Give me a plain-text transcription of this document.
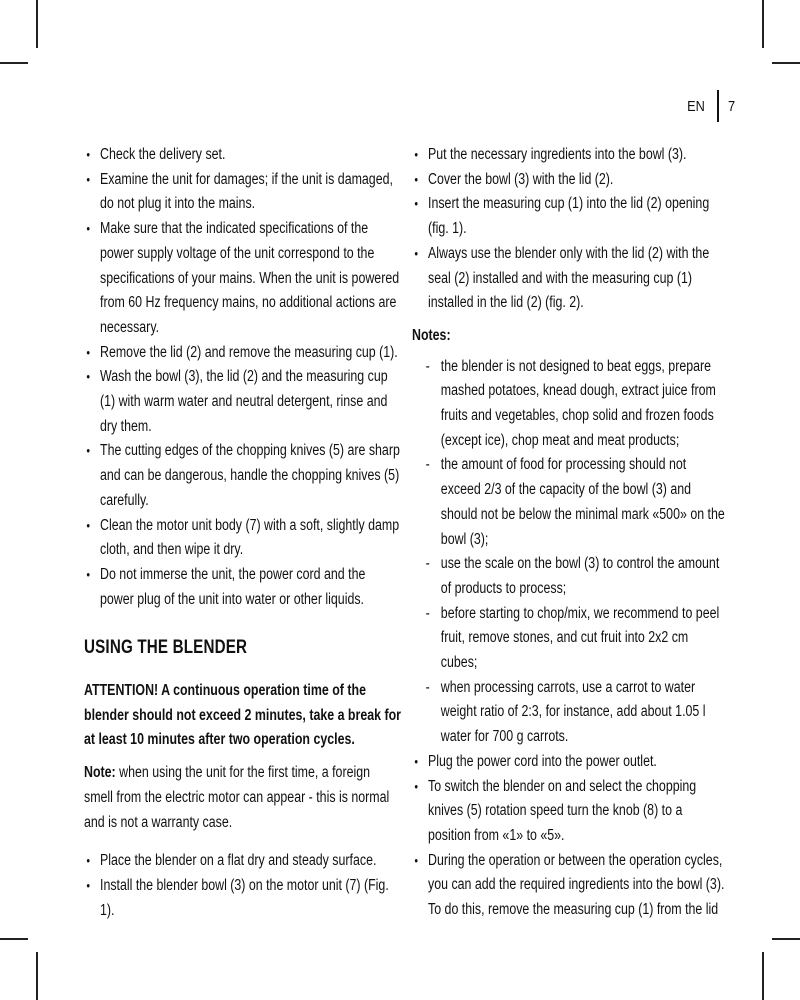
EN 7
• Check the delivery set.
• Examine the unit for damages; if the unit is damaged, do not plug it into the mains.
• Make sure that the indicated specifications of the power supply voltage of the unit correspond to the specifications of your mains. When the unit is powered from 60 Hz frequency mains, no additional actions are necessary.
• Remove the lid (2) and remove the measuring cup (1).
• Wash the bowl (3), the lid (2) and the measuring cup (1) with warm water and neutral detergent, rinse and dry them.
• The cutting edges of the chopping knives (5) are sharp and can be dangerous, handle the chopping knives (5) carefully.
• Clean the motor unit body (7) with a soft, slightly damp cloth, and then wipe it dry.
• Do not immerse the unit, the power cord and the power plug of the unit into water or other liquids.
USING THE BLENDER

ATTENTION! A continuous operation time of the blender should not exceed 2 minutes, take a break for at least 10 minutes after two operation cycles.

Note: when using the unit for the first time, a foreign smell from the electric motor can appear - this is normal and is not a warranty case.

• Place the blender on a flat dry and steady surface.
• Install the blender bowl (3) on the motor unit (7) (Fig. 1).
• Put the necessary ingredients into the bowl (3).
• Cover the bowl (3) with the lid (2).
• Insert the measuring cup (1) into the lid (2) opening (fig. 1).
• Always use the blender only with the lid (2) with the seal (2) installed and with the measuring cup (1) installed in the lid (2) (fig. 2).
Notes:
- the blender is not designed to beat eggs, prepare mashed potatoes, knead dough, extract juice from fruits and vegetables, chop solid and frozen foods (except ice), chop meat and meat products;
- the amount of food for processing should not exceed 2/3 of the capacity of the bowl (3) and should not be below the minimal mark «500» on the bowl (3);
- use the scale on the bowl (3) to control the amount of products to process;
- before starting to chop/mix, we recommend to peel fruit, remove stones, and cut fruit into 2x2 cm cubes;
- when processing carrots, use a carrot to water weight ratio of 2:3, for instance, add about 1.05 l water for 700 g carrots.
• Plug the power cord into the power outlet.
• To switch the blender on and select the chopping knives (5) rotation speed turn the knob (8) to a position from «1» to «5».
• During the operation or between the operation cycles, you can add the required ingredients into the bowl (3). To do this, remove the measuring cup (1) from the lid
